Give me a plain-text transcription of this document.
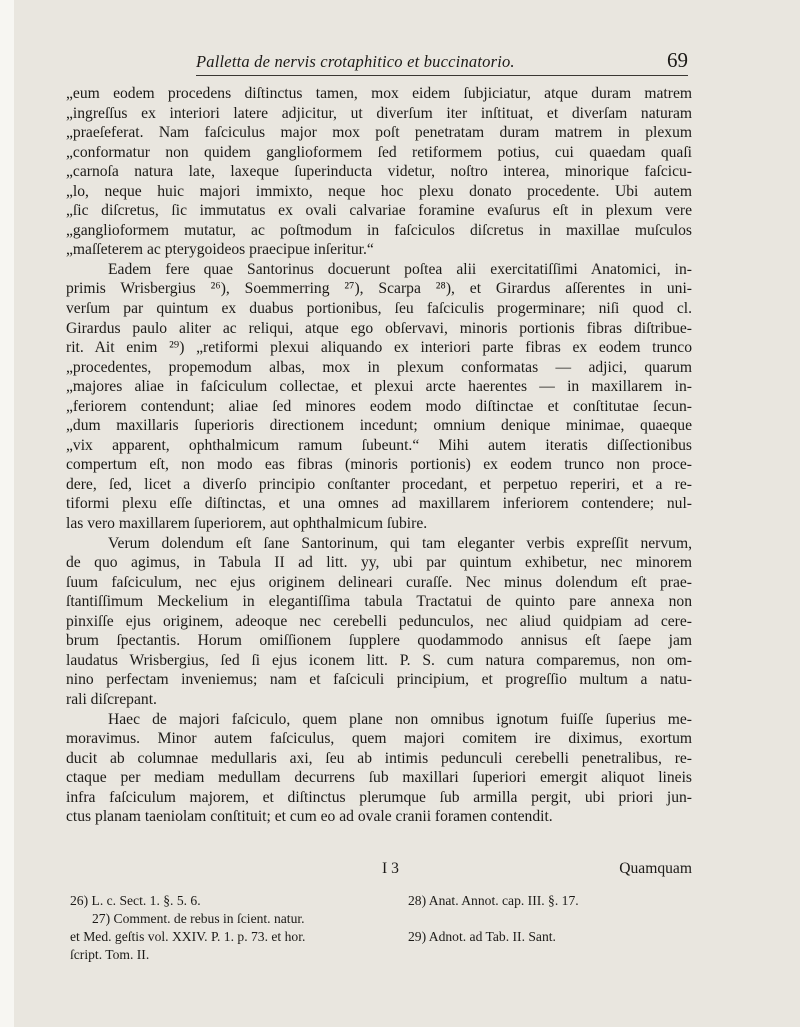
Palletta de nervis crotaphitico et buccinatorio.	69
„eum eodem procedens diſtinctus tamen, mox eidem ſubjiciatur, atque duram matrem
„ingreſſus ex interiori latere adjicitur, ut diverſum iter inſtituat, et diverſam naturam
„praeſeferat. Nam faſciculus major mox poſt penetratam duram matrem in plexum
„conformatur non quidem ganglioformem ſed retiformem potius, cui quaedam quaſi
„carnoſa natura late, laxeque ſuperinducta videtur, noſtro interea, minorique faſcicu-
„lo, neque huic majori immixto, neque hoc plexu donato procedente. Ubi autem
„ſic diſcretus, ſic immutatus ex ovali calvariae foramine evaſurus eſt in plexum vere
„ganglioformem mutatur, ac poſtmodum in faſciculos diſcretus in maxillae muſculos
„maſſeterem ac pterygoideos praecipue inſeritur.“
Eadem fere quae Santorinus docuerunt poſtea alii exercitatiſſimi Anatomici, in-
primis Wrisbergius ²⁶), Soemmerring ²⁷), Scarpa ²⁸), et Girardus aſſerentes in uni-
verſum par quintum ex duabus portionibus, ſeu faſciculis progerminare; niſi quod cl.
Girardus paulo aliter ac reliqui, atque ego obſervavi, minoris portionis fibras diſtribue-
rit. Ait enim ²⁹) „retiformi plexui aliquando ex interiori parte fibras ex eodem trunco
„procedentes, propemodum albas, mox in plexum conformatas — adjici, quarum
„majores aliae in faſciculum collectae, et plexui arcte haerentes — in maxillarem in-
„feriorem contendunt; aliae ſed minores eodem modo diſtinctae et conſtitutae ſecun-
„dum maxillaris ſuperioris directionem incedunt; omnium denique minimae, quaeque
„vix apparent, ophthalmicum ramum ſubeunt.“ Mihi autem iteratis diſſectionibus
compertum eſt, non modo eas fibras (minoris portionis) ex eodem trunco non proce-
dere, ſed, licet a diverſo principio conſtanter procedant, et perpetuo reperiri, et a re-
tiformi plexu eſſe diſtinctas, et una omnes ad maxillarem inferiorem contendere; nul-
las vero maxillarem ſuperiorem, aut ophthalmicum ſubire.
Verum dolendum eſt ſane Santorinum, qui tam eleganter verbis expreſſit nervum,
de quo agimus, in Tabula II ad litt. yy, ubi par quintum exhibetur, nec minorem
ſuum faſciculum, nec ejus originem delineari curaſſe. Nec minus dolendum eſt prae-
ſtantiſſimum Meckelium in elegantiſſima tabula Tractatui de quinto pare annexa non
pinxiſſe ejus originem, adeoque nec cerebelli pedunculos, nec aliud quidpiam ad cere-
brum ſpectantis. Horum omiſſionem ſupplere quodammodo annisus eſt ſaepe jam
laudatus Wrisbergius, ſed ſi ejus iconem litt. P. S. cum natura comparemus, non om-
nino perfectam inveniemus; nam et faſciculi principium, et progreſſio multum a natu-
rali diſcrepant.
Haec de majori faſciculo, quem plane non omnibus ignotum fuiſſe ſuperius me-
moravimus. Minor autem faſciculus, quem majori comitem ire diximus, exortum
ducit ab columnae medullaris axi, ſeu ab intimis pedunculi cerebelli penetralibus, re-
ctaque per mediam medullam decurrens ſub maxillari ſuperiori emergit aliquot lineis
infra faſciculum majorem, et diſtinctus plerumque ſub armilla pergit, ubi priori jun-
ctus planam taeniolam conſtituit; et cum eo ad ovale cranii foramen contendit.
I 3	Quamquam
26) L. c. Sect. 1. §. 5. 6.
27) Comment. de rebus in ſcient. natur.
et Med. geſtis vol. XXIV. P. 1. p. 73. et hor.
ſcript. Tom. II.
28) Anat. Annot. cap. III. §. 17.
29) Adnot. ad Tab. II. Sant.
